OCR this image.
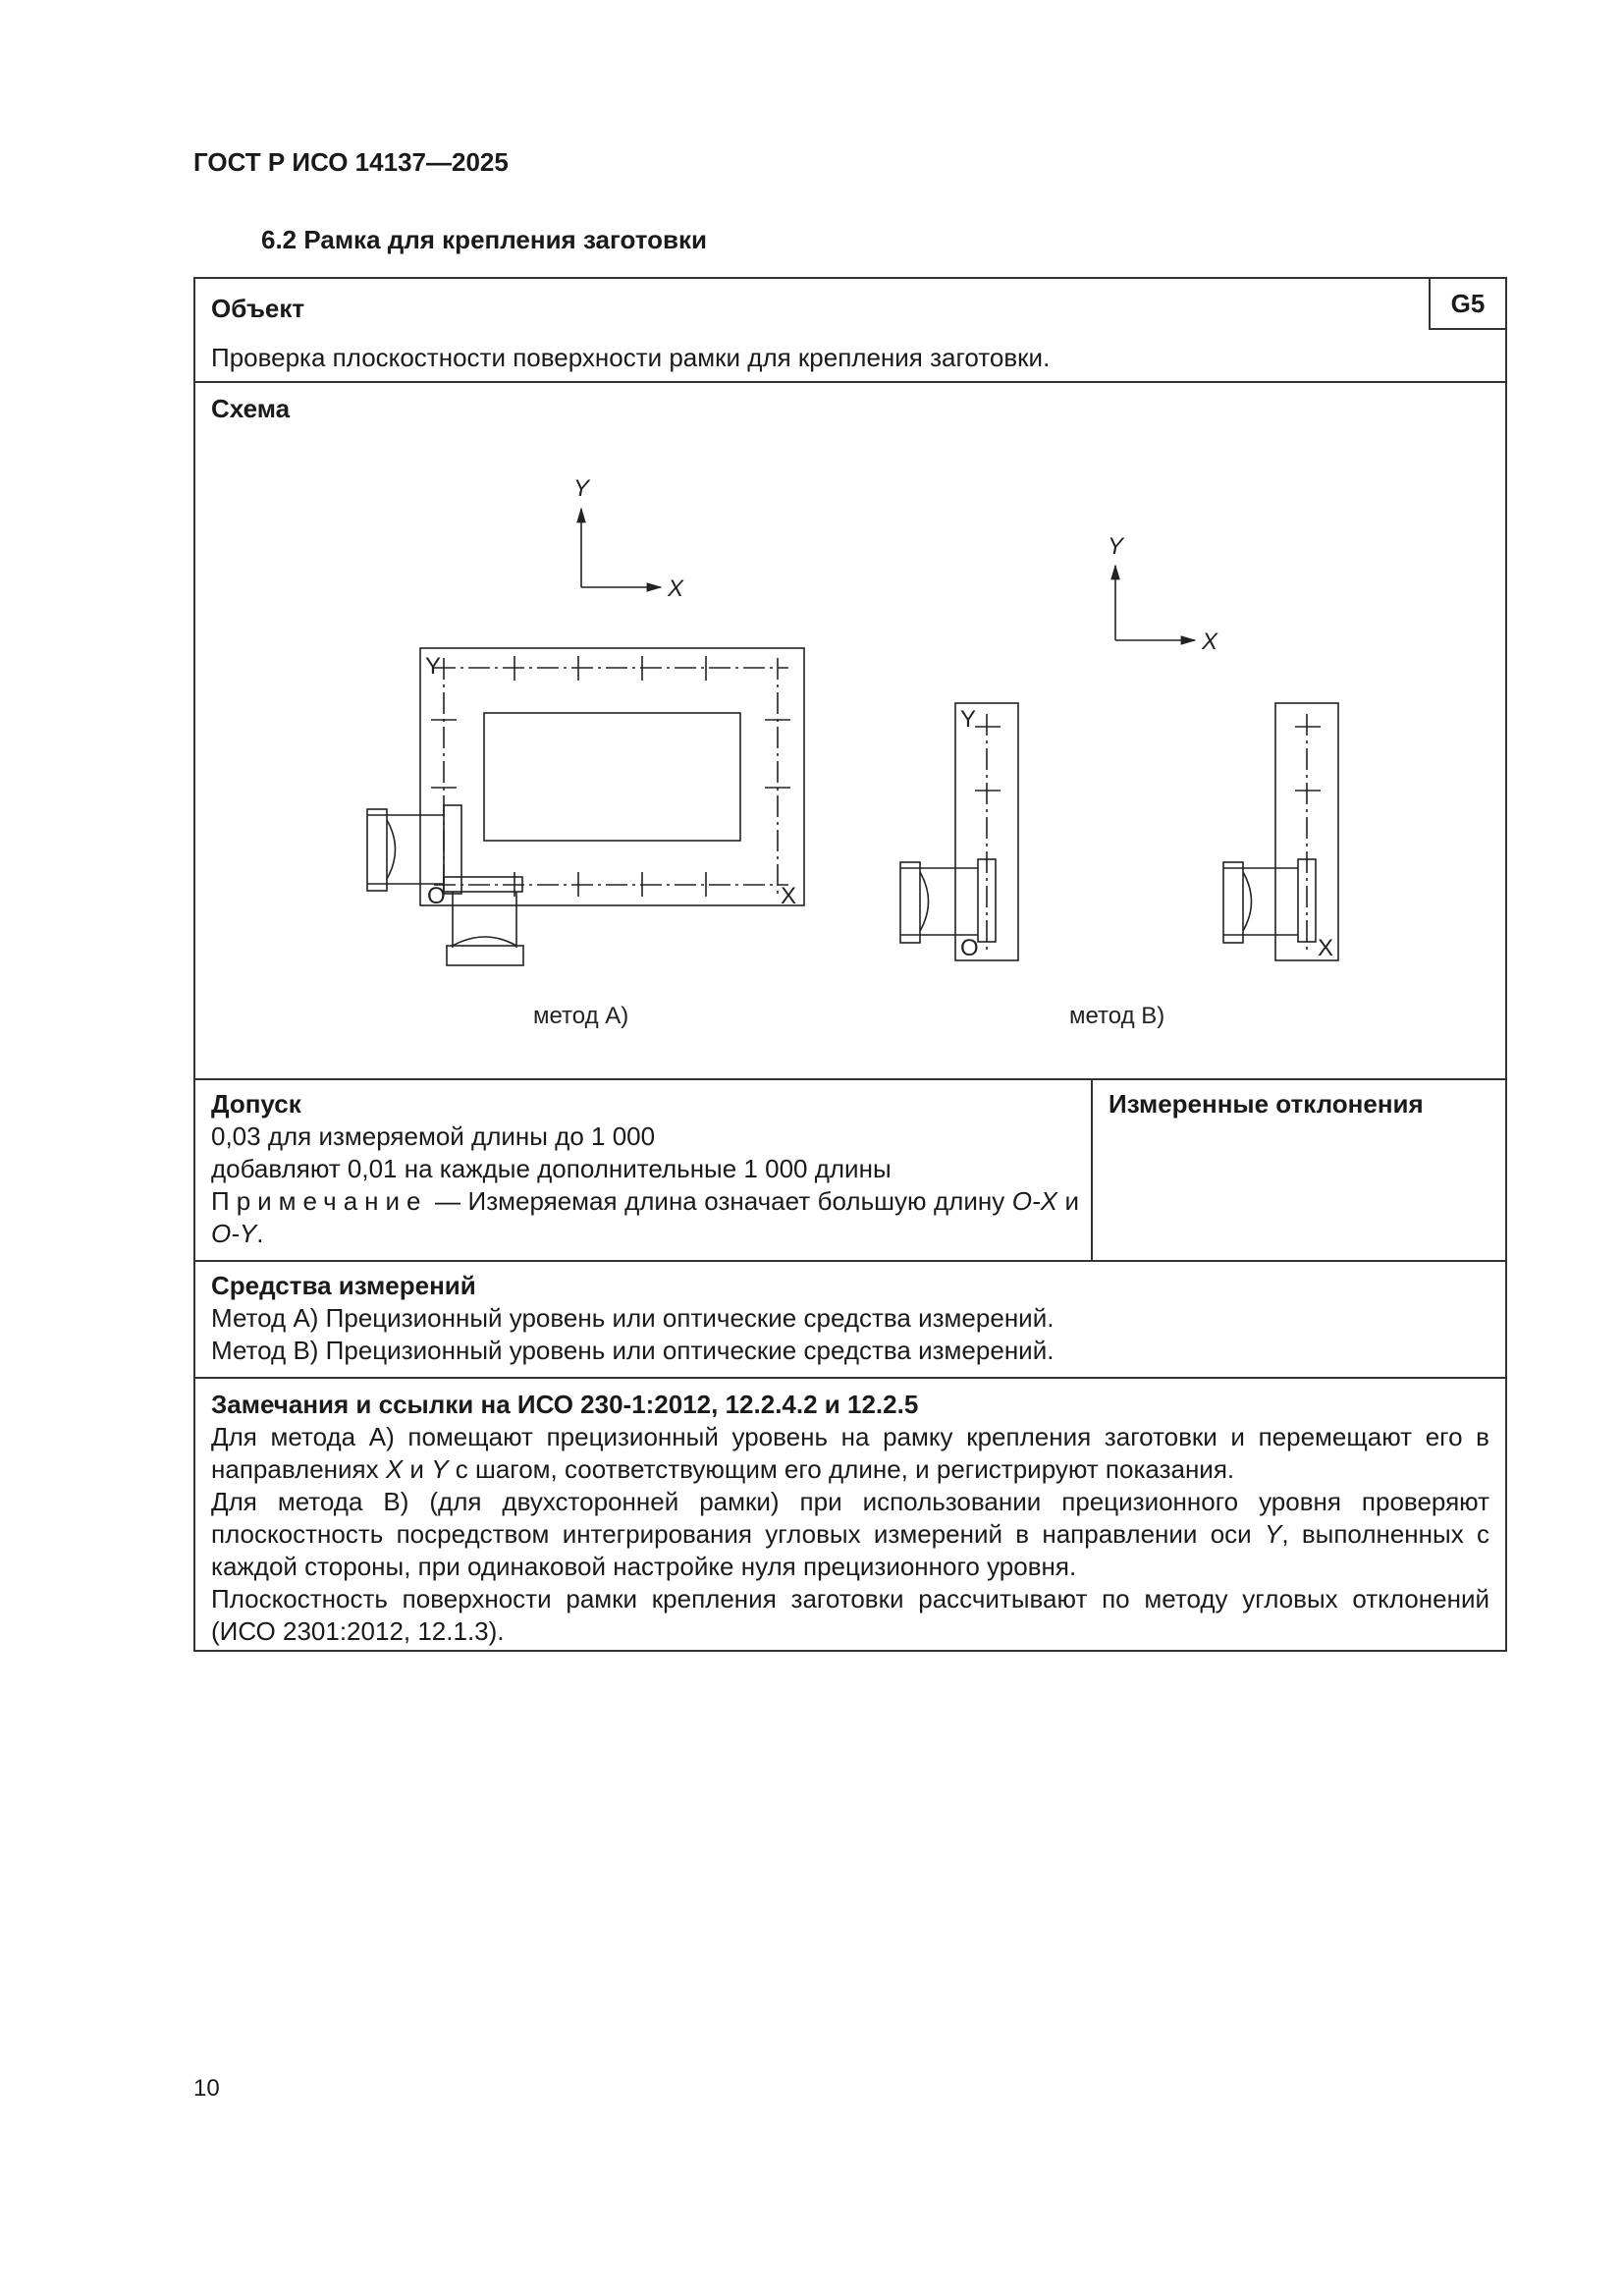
ГОСТ Р ИСО 14137—2025
6.2 Рамка для крепления заготовки
Объект	G5
Проверка плоскостности поверхности рамки для крепления заготовки.
Схема
Y
X
Y
X
Y
O	X
Y
O	X
метод А)	метод В)
Допуск
0,03 для измеряемой длины до 1 000
добавляют 0,01 на каждые дополнительные 1 000 длины
Примечание — Измеряемая длина означает большую длину O-X и O-Y.
Измеренные отклонения
Средства измерений
Метод А) Прецизионный уровень или оптические средства измерений.
Метод В) Прецизионный уровень или оптические средства измерений.
Замечания и ссылки на ИСО 230-1:2012, 12.2.4.2 и 12.2.5
Для метода А) помещают прецизионный уровень на рамку крепления заготовки и перемещают его в направлениях X и Y с шагом, соответствующим его длине, и регистрируют показания.
Для метода В) (для двухсторонней рамки) при использовании прецизионного уровня проверяют плоскостность посредством интегрирования угловых измерений в направлении оси Y, выполненных с каждой стороны, при одинаковой настройке нуля прецизионного уровня.
Плоскостность поверхности рамки крепления заготовки рассчитывают по методу угловых отклонений (ИСО 2301:2012, 12.1.3).
10
